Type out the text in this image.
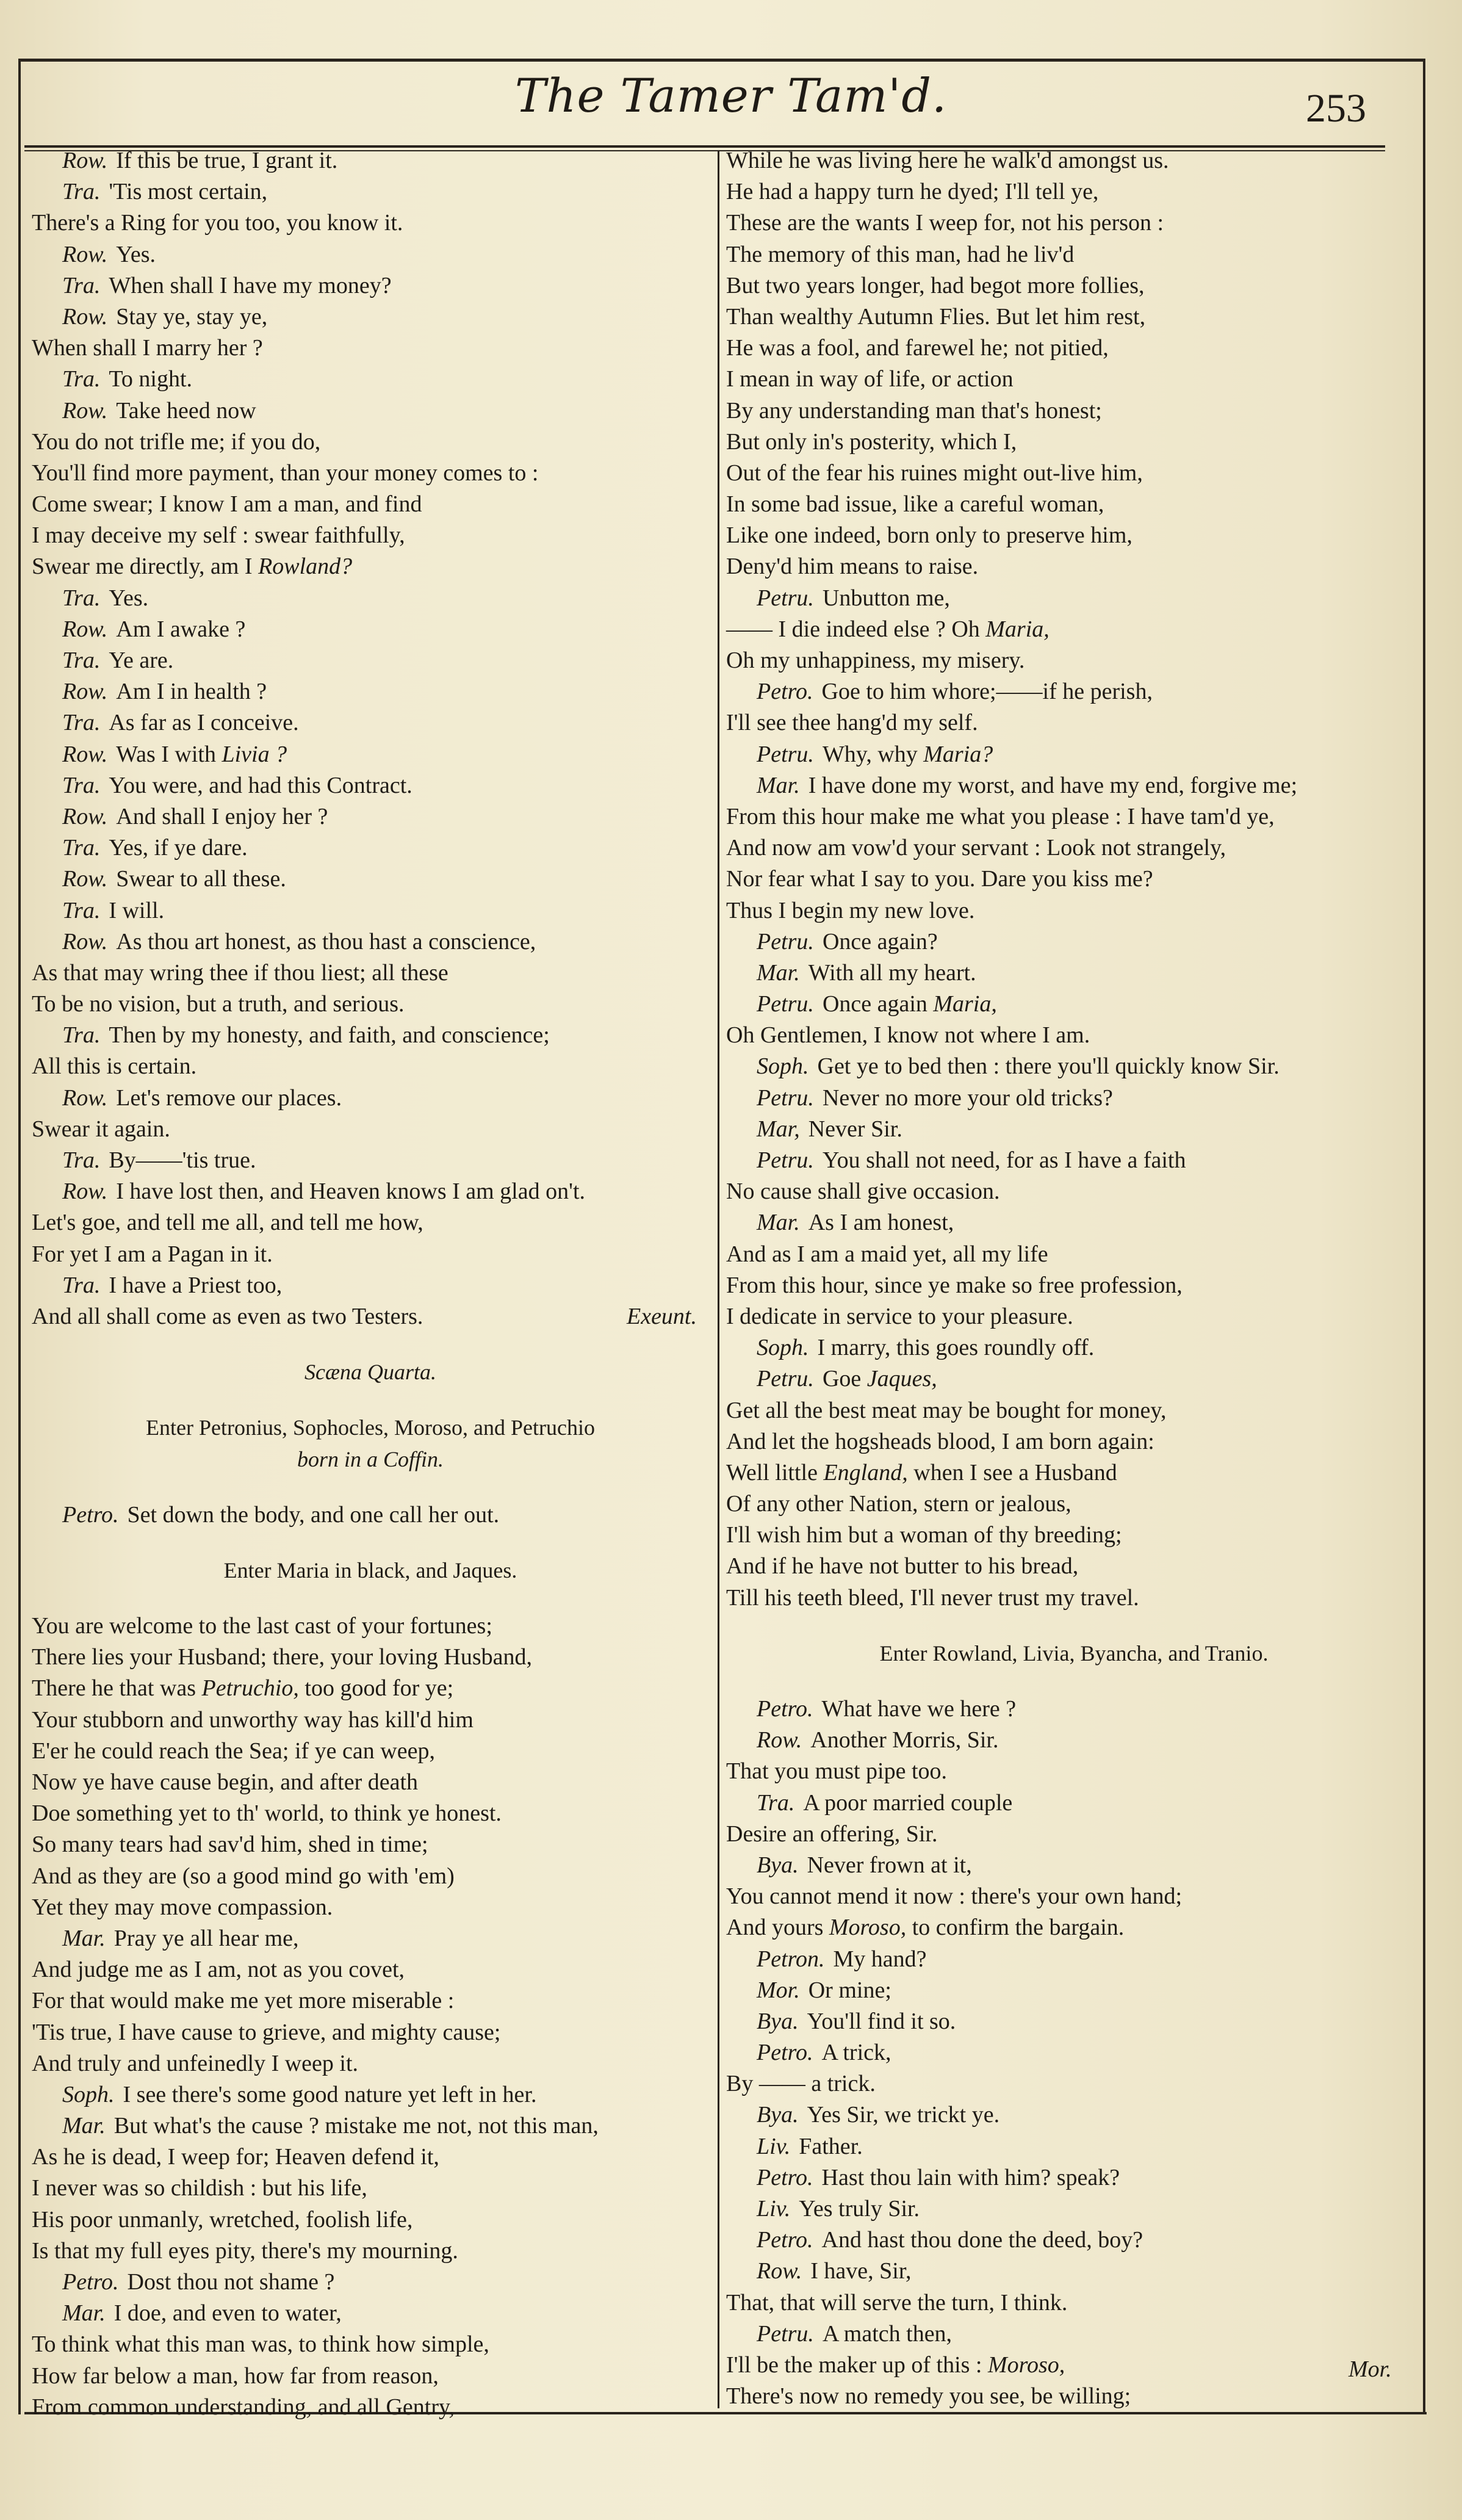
The Tamer Tam'd.	253
Row. If this be true, I grant it.
Tra. 'Tis most certain,
There's a Ring for you too, you know it.
Row. Yes.
Tra. When shall I have my money?
Row. Stay ye, stay ye,
When shall I marry her ?
Tra. To night.
Row. Take heed now
You do not trifle me; if you do,
You'll find more payment, than your money comes to :
Come swear; I know I am a man, and find
I may deceive my self : swear faithfully,
Swear me directly, am I Rowland?
Tra. Yes.
Row. Am I awake ?
Tra. Ye are.
Row. Am I in health ?
Tra. As far as I conceive.
Row. Was I with Livia ?
Tra. You were, and had this Contract.
Row. And shall I enjoy her ?
Tra. Yes, if ye dare.
Row. Swear to all these.
Tra. I will.
Row. As thou art honest, as thou hast a conscience,
As that may wring thee if thou liest; all these
To be no vision, but a truth, and serious.
Tra. Then by my honesty, and faith, and conscience;
All this is certain.
Row. Let's remove our places.
Swear it again.
Tra. By——'tis true.
Row. I have lost then, and Heaven knows I am glad on't.
Let's goe, and tell me all, and tell me how,
For yet I am a Pagan in it.
Tra. I have a Priest too,
And all shall come as even as two Testers.	Exeunt.
Scæna Quarta.
Enter Petronius, Sophocles, Moroso, and Petruchio
born in a Coffin.
Petro. Set down the body, and one call her out.
Enter Maria in black, and Jaques.
You are welcome to the last cast of your fortunes;
There lies your Husband; there, your loving Husband,
There he that was Petruchio, too good for ye;
Your stubborn and unworthy way has kill'd him
E'er he could reach the Sea; if ye can weep,
Now ye have cause begin, and after death
Doe something yet to th' world, to think ye honest.
So many tears had sav'd him, shed in time;
And as they are (so a good mind go with 'em)
Yet they may move compassion.
Mar. Pray ye all hear me,
And judge me as I am, not as you covet,
For that would make me yet more miserable :
'Tis true, I have cause to grieve, and mighty cause;
And truly and unfeinedly I weep it.
Soph. I see there's some good nature yet left in her.
Mar. But what's the cause ? mistake me not, not this man,
As he is dead, I weep for; Heaven defend it,
I never was so childish : but his life,
His poor unmanly, wretched, foolish life,
Is that my full eyes pity, there's my mourning.
Petro. Dost thou not shame ?
Mar. I doe, and even to water,
To think what this man was, to think how simple,
How far below a man, how far from reason,
From common understanding, and all Gentry,
While he was living here he walk'd amongst us.
He had a happy turn he dyed; I'll tell ye,
These are the wants I weep for, not his person :
The memory of this man, had he liv'd
But two years longer, had begot more follies,
Than wealthy Autumn Flies. But let him rest,
He was a fool, and farewel he; not pitied,
I mean in way of life, or action
By any understanding man that's honest;
But only in's posterity, which I,
Out of the fear his ruines might out-live him,
In some bad issue, like a careful woman,
Like one indeed, born only to preserve him,
Deny'd him means to raise.
Petru. Unbutton me,
—— I die indeed else ? Oh Maria,
Oh my unhappiness, my misery.
Petro. Goe to him whore;——if he perish,
I'll see thee hang'd my self.
Petru. Why, why Maria?
Mar. I have done my worst, and have my end, forgive me;
From this hour make me what you please : I have tam'd ye,
And now am vow'd your servant : Look not strangely,
Nor fear what I say to you. Dare you kiss me?
Thus I begin my new love.
Petru. Once again?
Mar. With all my heart.
Petru. Once again Maria,
Oh Gentlemen, I know not where I am.
Soph. Get ye to bed then : there you'll quickly know Sir.
Petru. Never no more your old tricks?
Mar, Never Sir.
Petru. You shall not need, for as I have a faith
No cause shall give occasion.
Mar. As I am honest,
And as I am a maid yet, all my life
From this hour, since ye make so free profession,
I dedicate in service to your pleasure.
Soph. I marry, this goes roundly off.
Petru. Goe Jaques,
Get all the best meat may be bought for money,
And let the hogsheads blood, I am born again:
Well little England, when I see a Husband
Of any other Nation, stern or jealous,
I'll wish him but a woman of thy breeding;
And if he have not butter to his bread,
Till his teeth bleed, I'll never trust my travel.
Enter Rowland, Livia, Byancha, and Tranio.
Petro. What have we here ?
Row. Another Morris, Sir.
That you must pipe too.
Tra. A poor married couple
Desire an offering, Sir.
Bya. Never frown at it,
You cannot mend it now : there's your own hand;
And yours Moroso, to confirm the bargain.
Petron. My hand?
Mor. Or mine;
Bya. You'll find it so.
Petro. A trick,
By —— a trick.
Bya. Yes Sir, we trickt ye.
Liv. Father.
Petro. Hast thou lain with him? speak?
Liv. Yes truly Sir.
Petro. And hast thou done the deed, boy?
Row. I have, Sir,
That, that will serve the turn, I think.
Petru. A match then,
I'll be the maker up of this : Moroso,
There's now no remedy you see, be willing;
Mor.
